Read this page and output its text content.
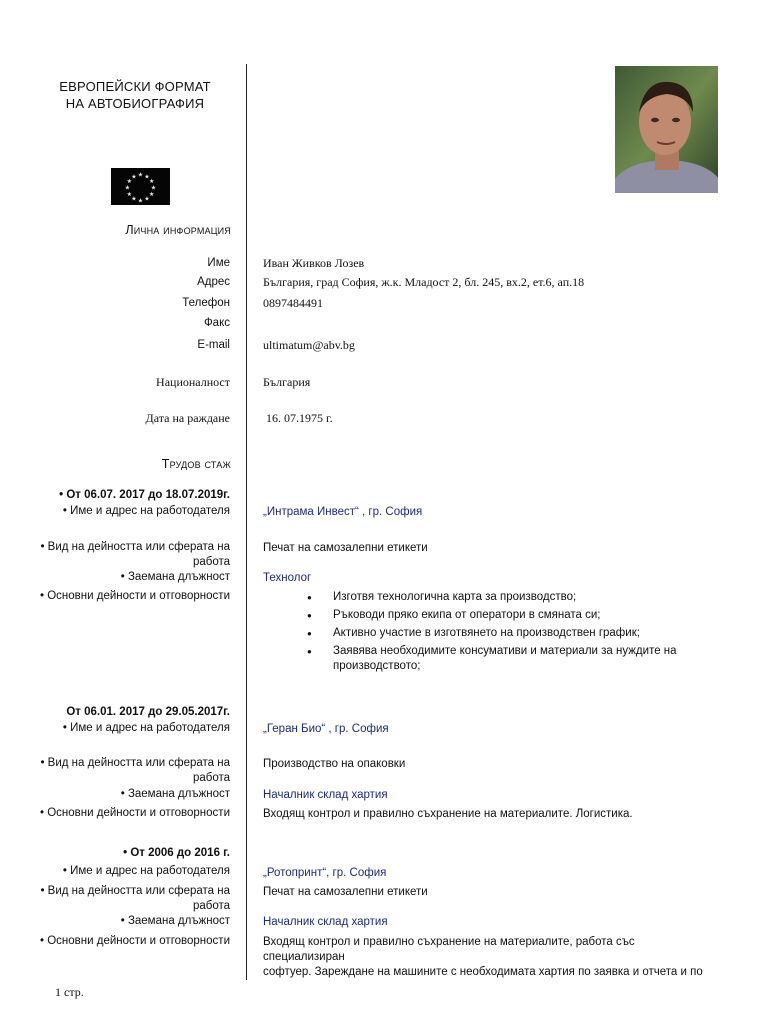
ЕВРОПЕЙСКИ ФОРМАТ
НА АВТОБИОГРАФИЯ
★ ★
★
★
★
★
★
★
★
★
★
★
Лична информация
Име	Иван Живков Лозев
Адрес	България, град София, ж.к. Младост 2, бл. 245, вх.2, ет.6, ап.18
Телефон	0897484491
Факс
E-mail	ultimatum@abv.bg
Националност	България
Дата на раждане	16. 07.1975 г.
Трудов стаж
• От 06.07. 2017 до 18.07.2019г.
• Име и адрес на работодателя	„Интрама Инвест“ , гр. София
• Вид на дейността или сферата на
работа
Печат на самозалепни етикети
• Заемана длъжност	Технолог
• Основни дейности и отговорности
●	Изготвя технологична карта за производство;
● Ръководи пряко екипа от оператори в смяната си;
● Активно участие в изготвянето на производствен график;
● Заявява необходимите консумативи и материали за нуждите на производството;
От 06.01. 2017 до 29.05.2017г.
• Име и адрес на работодателя	„Геран Био“ , гр. София
• Вид на дейността или сферата на
работа
Производство на опаковки
• Заемана длъжност	Началник склад хартия
• Основни дейности и отговорности	Входящ контрол и правилно съхранение на материалите. Логистика.
• От 2006 до 2016 г.
• Име и адрес на работодателя	„Ротопринт“, гр. София
• Вид на дейността или сферата на
работа
Печат на самозалепни етикети
• Заемана длъжност	Началник склад хартия
• Основни дейности и отговорности	Входящ контрол и правилно съхранение на материалите, работа със специализиран
софтуер. Зареждане на машините с необходимата хартия по заявка и отчета и по
1 стр.
